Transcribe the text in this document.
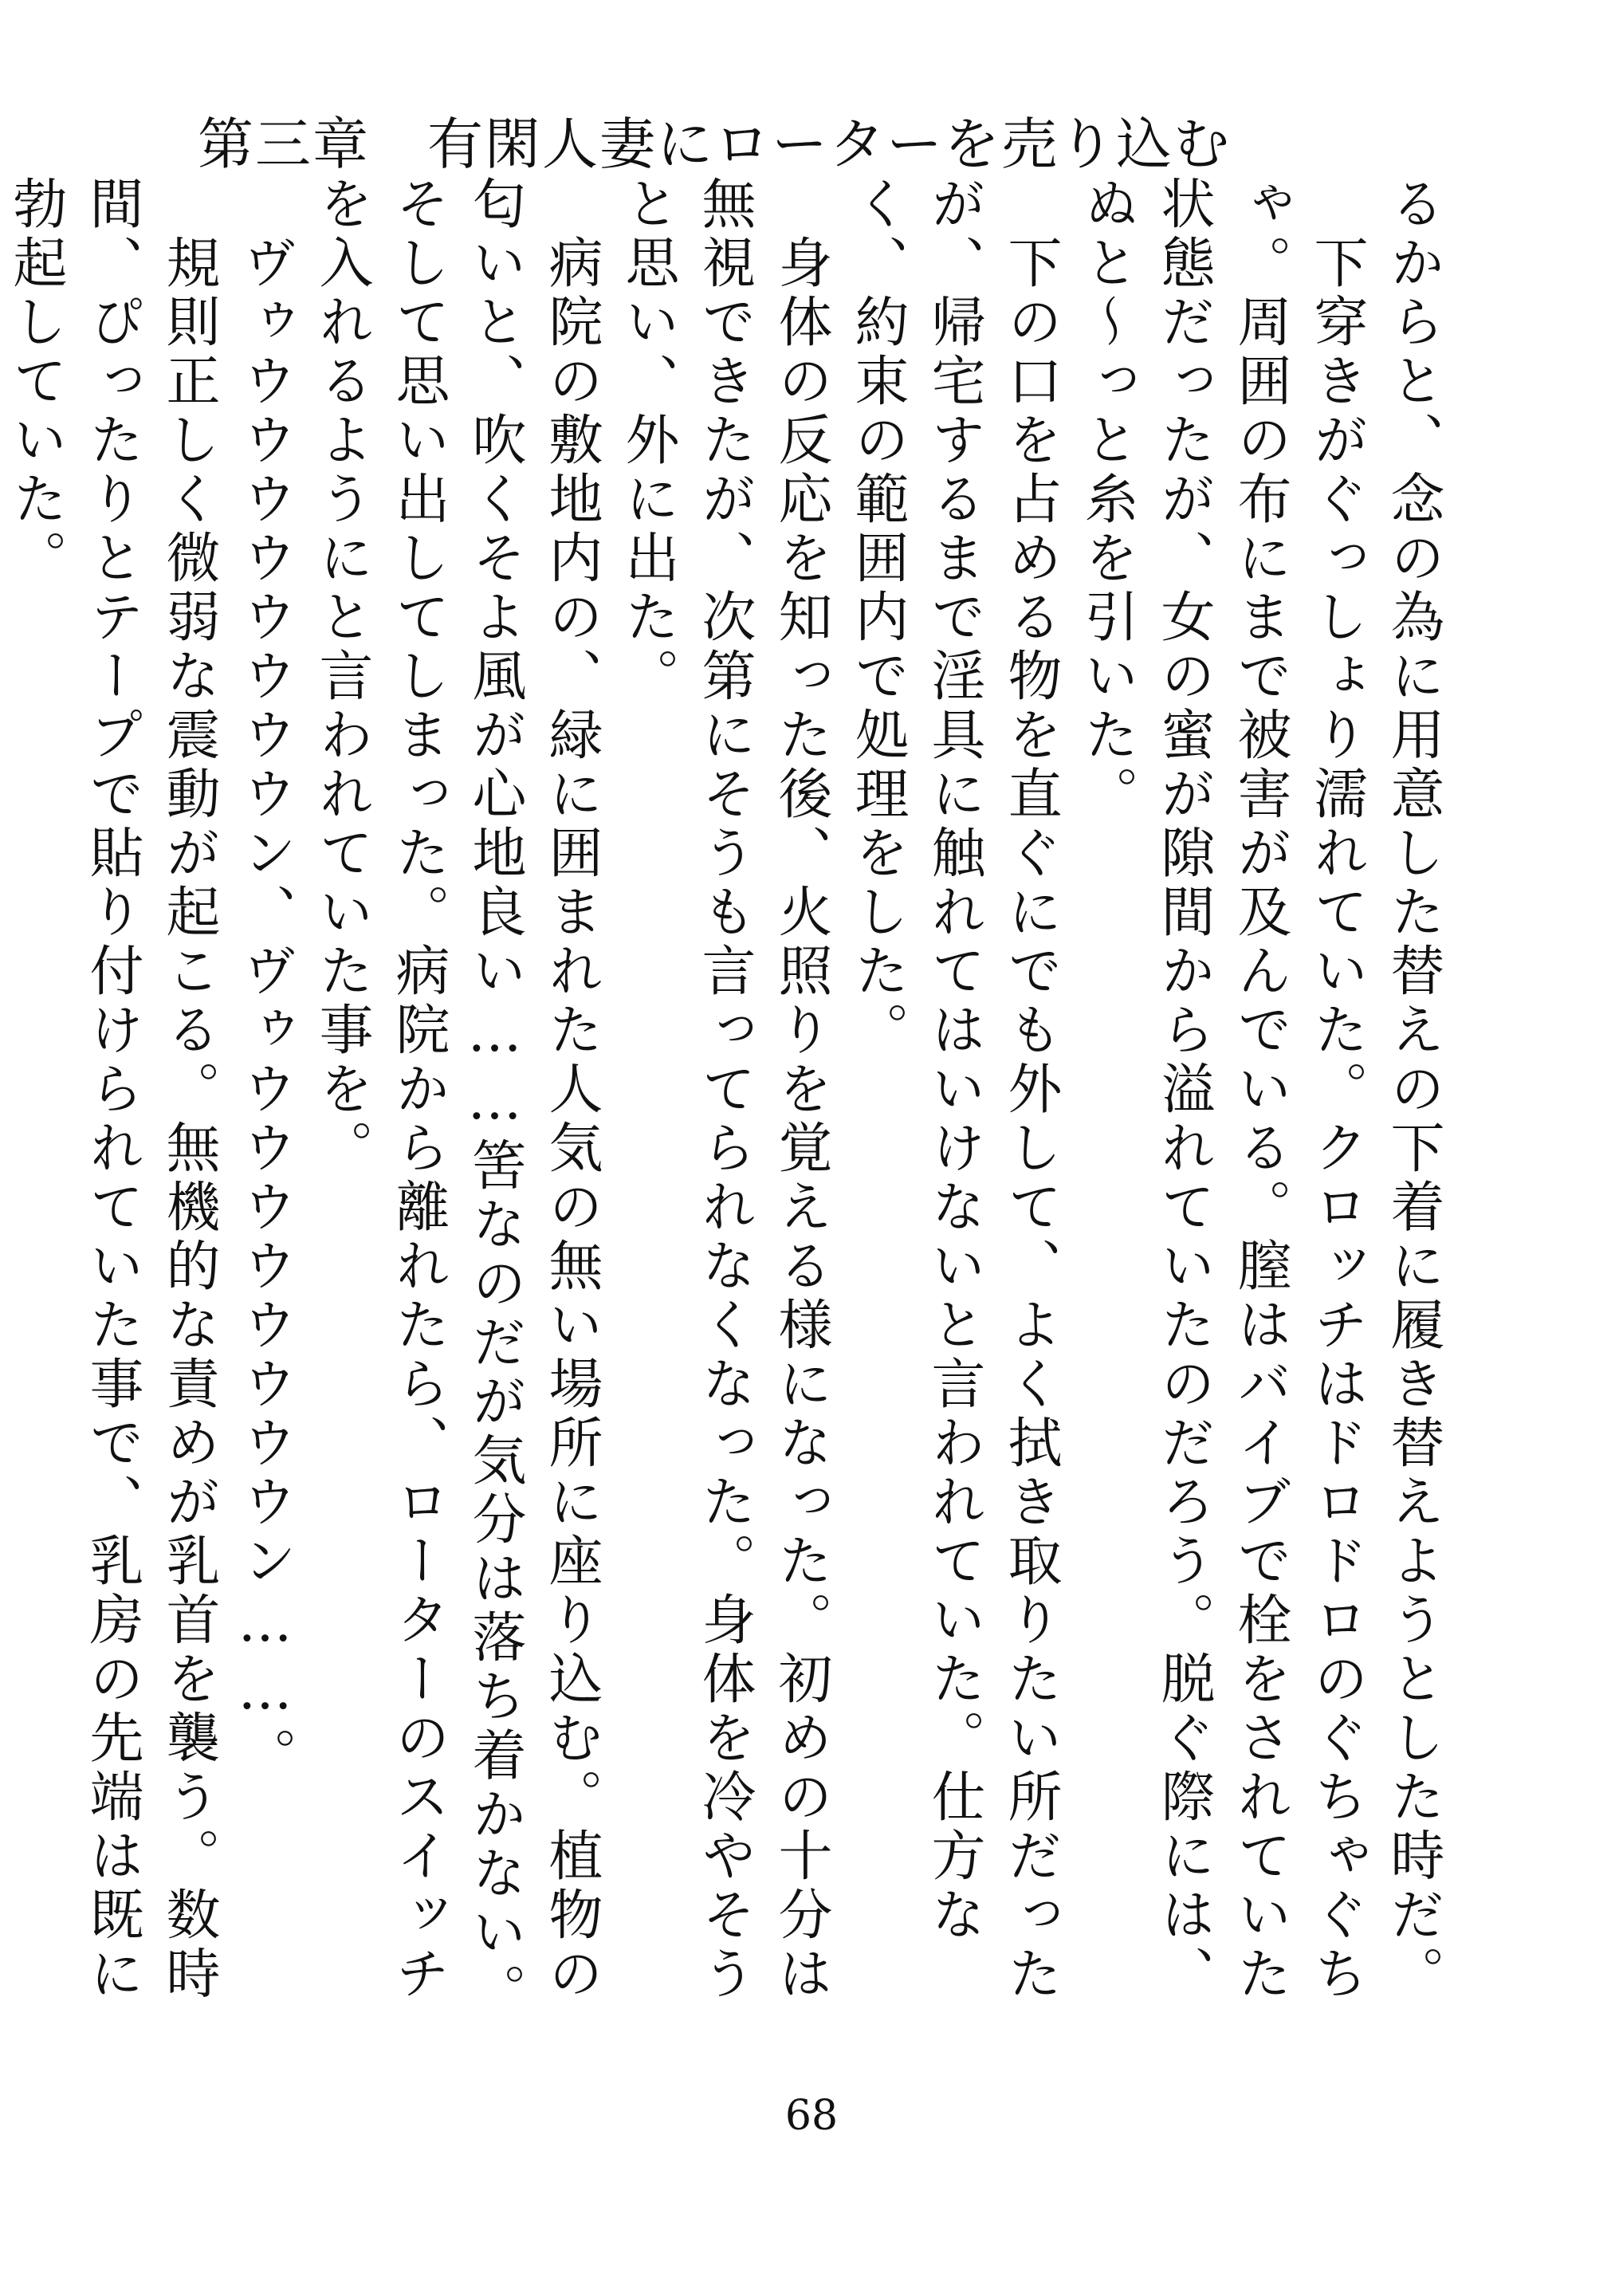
第三章　有閑人妻にローターを売り込む

るからと、念の為に用意した替えの下着に履き替えようとした時だ。

　下穿きがぐっしょり濡れていた。クロッチはドロドロのぐちゃぐちゃ。周囲の布にまで被害が及んでいる。膣はバイブで栓をされていた状態だったが、女の蜜が隙間から溢れていたのだろう。脱ぐ際には、ぬと～っと糸を引いた。

　下の口を占める物を直ぐにでも外して、よく拭き取りたい所だったが、帰宅するまで淫具に触れてはいけないと言われていた。仕方なく、約束の範囲内で処理をした。

　身体の反応を知った後、火照りを覚える様になった。初めの十分は無視できたが、次第にそうも言ってられなくなった。身体を冷やそうと思い、外に出た。

　病院の敷地内の、緑に囲まれた人気の無い場所に座り込む。植物の匂いと、吹くそよ風が心地良い……筈なのだが気分は落ち着かない。そして思い出してしまった。病院から離れたら、ローターのスイッチを入れるようにと言われていた事を。

　ヴゥウウウウウウウウン、ヴゥウウウウウウウウン……。

　規則正しく微弱な震動が起こる。無機的な責めが乳首を襲う。数時間、ぴったりとテープで貼り付けられていた事で、乳房の先端は既に勃起していた。

68
